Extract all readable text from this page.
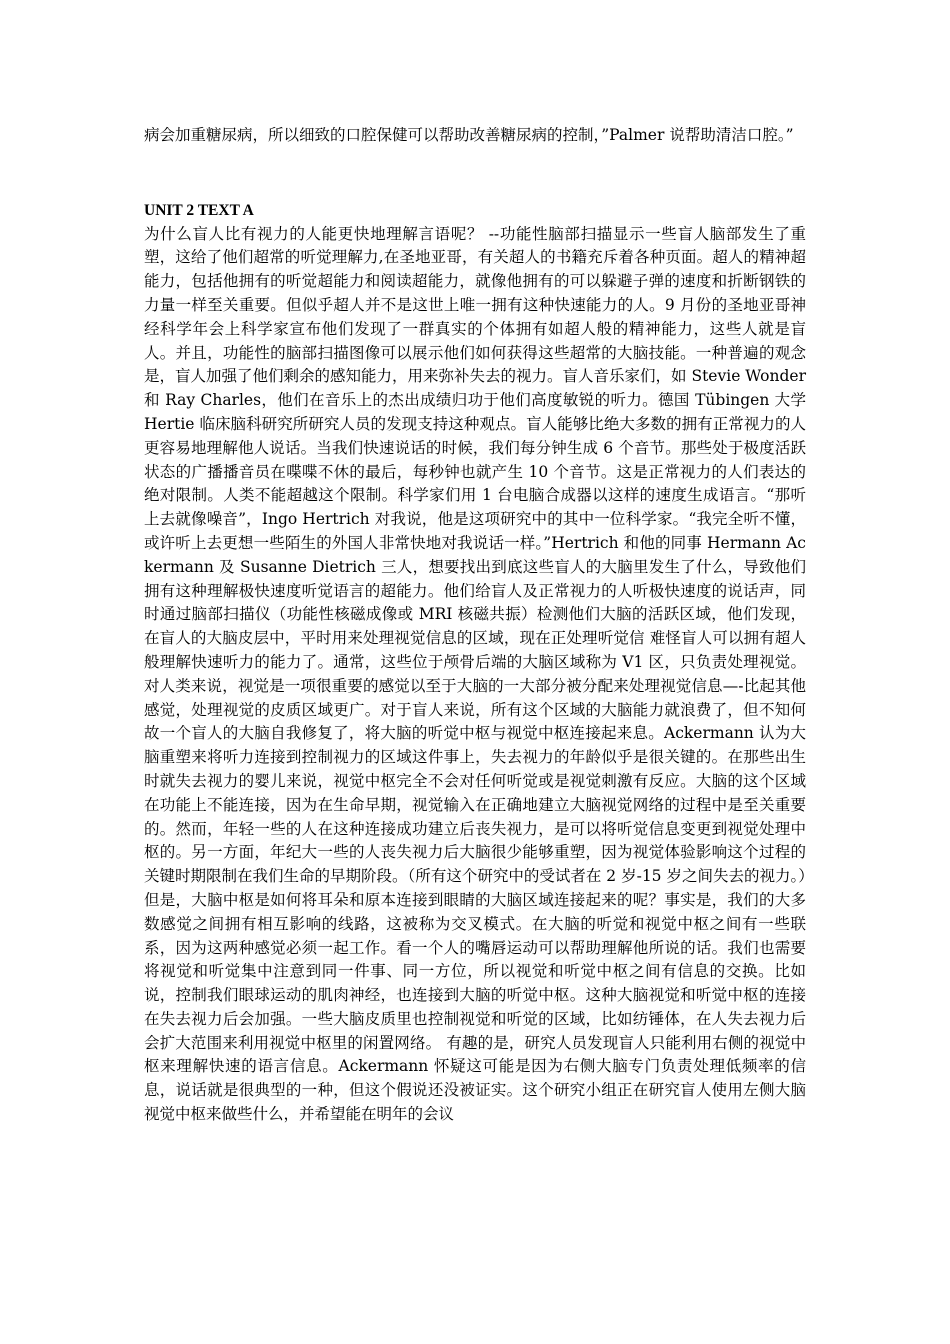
病会加重糖尿病，所以细致的口腔保健可以帮助改善糖尿病的控制，”Palmer 说帮助清洁口腔。”

UNIT 2 TEXT A

为什么盲人比有视力的人能更快地理解言语呢？ --功能性脑部扫描显示一些盲人脑部发生了重塑，这给了他们超常的听觉理解力,在圣地亚哥，有关超人的书籍充斥着各种页面。超人的精神超能力，包括他拥有的听觉超能力和阅读超能力，就像他拥有的可以躲避子弹的速度和折断钢铁的力量一样至关重要。但似乎超人并不是这世上唯一拥有这种快速能力的人。9 月份的圣地亚哥神经科学年会上科学家宣布他们发现了一群真实的个体拥有如超人般的精神能力，这些人就是盲人。并且，功能性的脑部扫描图像可以展示他们如何获得这些超常的大脑技能。一种普遍的观念是，盲人加强了他们剩余的感知能力，用来弥补失去的视力。盲人音乐家们，如 Stevie Wonder 和 Ray Charles，他们在音乐上的杰出成绩归功于他们高度敏锐的听力。德国 Tübingen 大学 Hertie 临床脑科研究所研究人员的发现支持这种观点。盲人能够比绝大多数的拥有正常视力的人更容易地理解他人说话。当我们快速说话的时候，我们每分钟生成 6 个音节。那些处于极度活跃状态的广播播音员在喋喋不休的最后，每秒钟也就产生 10 个音节。这是正常视力的人们表达的绝对限制。人类不能超越这个限制。科学家们用 1 台电脑合成器以这样的速度生成语言。“那听上去就像噪音”，Ingo Hertrich 对我说，他是这项研究中的其中一位科学家。“我完全听不懂，或许听上去更想一些陌生的外国人非常快地对我说话一样。”Hertrich 和他的同事 Hermann Ackermann 及 Susanne Dietrich 三人，想要找出到底这些盲人的大脑里发生了什么，导致他们拥有这种理解极快速度听觉语言的超能力。他们给盲人及正常视力的人听极快速度的说话声，同时通过脑部扫描仪（功能性核磁成像或 MRI 核磁共振）检测他们大脑的活跃区域，他们发现，在盲人的大脑皮层中，平时用来处理视觉信息的区域，现在正处理听觉信 难怪盲人可以拥有超人般理解快速听力的能力了。通常，这些位于颅骨后端的大脑区域称为 V1 区，只负责处理视觉。对人类来说，视觉是一项很重要的感觉以至于大脑的一大部分被分配来处理视觉信息—-比起其他感觉，处理视觉的皮质区域更广。对于盲人来说，所有这个区域的大脑能力就浪费了，但不知何故一个盲人的大脑自我修复了，将大脑的听觉中枢与视觉中枢连接起来息。Ackermann 认为大脑重塑来将听力连接到控制视力的区域这件事上，失去视力的年龄似乎是很关键的。在那些出生时就失去视力的婴儿来说，视觉中枢完全不会对任何听觉或是视觉刺激有反应。大脑的这个区域在功能上不能连接，因为在生命早期，视觉输入在正确地建立大脑视觉网络的过程中是至关重要的。然而，年轻一些的人在这种连接成功建立后丧失视力，是可以将听觉信息变更到视觉处理中枢的。另一方面，年纪大一些的人丧失视力后大脑很少能够重塑，因为视觉体验影响这个过程的关键时期限制在我们生命的早期阶段。（所有这个研究中的受试者在 2 岁-15 岁之间失去的视力。）但是，大脑中枢是如何将耳朵和原本连接到眼睛的大脑区域连接起来的呢？事实是，我们的大多数感觉之间拥有相互影响的线路，这被称为交叉模式。在大脑的听觉和视觉中枢之间有一些联系，因为这两种感觉必须一起工作。看一个人的嘴唇运动可以帮助理解他所说的话。我们也需要将视觉和听觉集中注意到同一件事、同一方位，所以视觉和听觉中枢之间有信息的交换。比如说，控制我们眼球运动的肌肉神经，也连接到大脑的听觉中枢。这种大脑视觉和听觉中枢的连接在失去视力后会加强。一些大脑皮质里也控制视觉和听觉的区域，比如纺锤体，在人失去视力后会扩大范围来利用视觉中枢里的闲置网络。 有趣的是，研究人员发现盲人只能利用右侧的视觉中枢来理解快速的语言信息。Ackermann 怀疑这可能是因为右侧大脑专门负责处理低频率的信息，说话就是很典型的一种，但这个假说还没被证实。这个研究小组正在研究盲人使用左侧大脑视觉中枢来做些什么，并希望能在明年的会议
